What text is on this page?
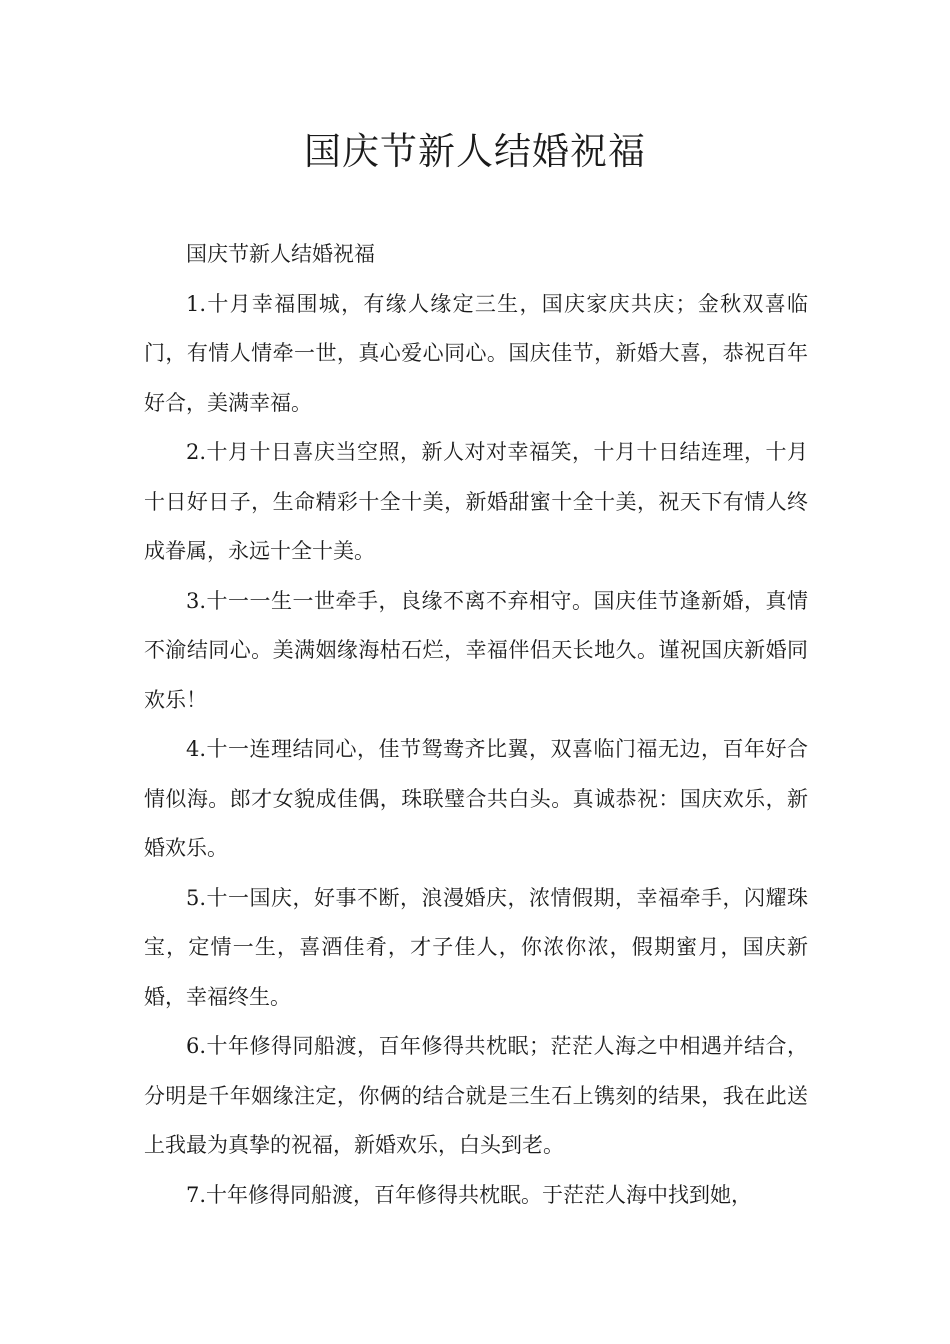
国庆节新人结婚祝福

国庆节新人结婚祝福

1.十月幸福围城，有缘人缘定三生，国庆家庆共庆；金秋双喜临门，有情人情牵一世，真心爱心同心。国庆佳节，新婚大喜，恭祝百年好合，美满幸福。

2.十月十日喜庆当空照，新人对对幸福笑，十月十日结连理，十月十日好日子，生命精彩十全十美，新婚甜蜜十全十美，祝天下有情人终成眷属，永远十全十美。

3.十一一生一世牵手，良缘不离不弃相守。国庆佳节逢新婚，真情不渝结同心。美满姻缘海枯石烂，幸福伴侣天长地久。谨祝国庆新婚同欢乐！

4.十一连理结同心，佳节鸳鸯齐比翼，双喜临门福无边，百年好合情似海。郎才女貌成佳偶，珠联璧合共白头。真诚恭祝：国庆欢乐，新婚欢乐。

5.十一国庆，好事不断，浪漫婚庆，浓情假期，幸福牵手，闪耀珠宝，定情一生，喜酒佳肴，才子佳人，你浓你浓，假期蜜月，国庆新婚，幸福终生。

6.十年修得同船渡，百年修得共枕眠；茫茫人海之中相遇并结合，分明是千年姻缘注定，你俩的结合就是三生石上镌刻的结果，我在此送上我最为真挚的祝福，新婚欢乐，白头到老。

7.十年修得同船渡，百年修得共枕眠。于茫茫人海中找到她，
